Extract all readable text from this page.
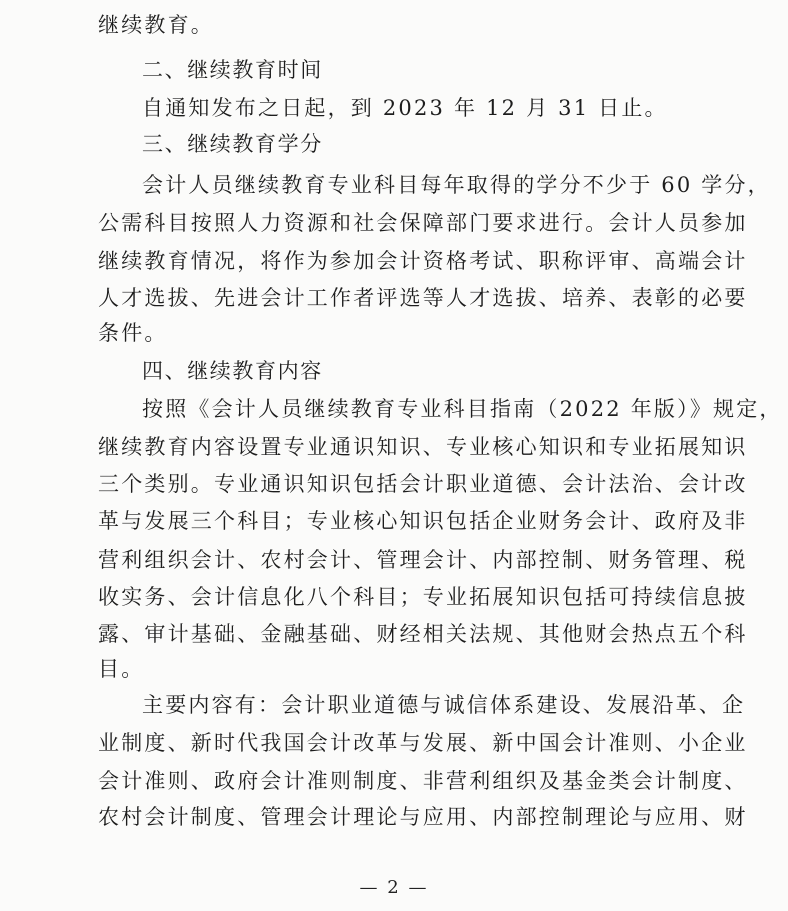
继续教育。
二、继续教育时间
自通知发布之日起，到 2023 年 12 月 31 日止。
三、继续教育学分
会计人员继续教育专业科目每年取得的学分不少于 60 学分，
公需科目按照人力资源和社会保障部门要求进行。会计人员参加
继续教育情况，将作为参加会计资格考试、职称评审、高端会计
人才选拔、先进会计工作者评选等人才选拔、培养、表彰的必要
条件。
四、继续教育内容
按照《会计人员继续教育专业科目指南（2022 年版）》规定，
继续教育内容设置专业通识知识、专业核心知识和专业拓展知识
三个类别。专业通识知识包括会计职业道德、会计法治、会计改
革与发展三个科目；专业核心知识包括企业财务会计、政府及非
营利组织会计、农村会计、管理会计、内部控制、财务管理、税
收实务、会计信息化八个科目；专业拓展知识包括可持续信息披
露、审计基础、金融基础、财经相关法规、其他财会热点五个科
目。
主要内容有：会计职业道德与诚信体系建设、发展沿革、企
业制度、新时代我国会计改革与发展、新中国会计准则、小企业
会计准则、政府会计准则制度、非营利组织及基金类会计制度、
农村会计制度、管理会计理论与应用、内部控制理论与应用、财
— 2 —
